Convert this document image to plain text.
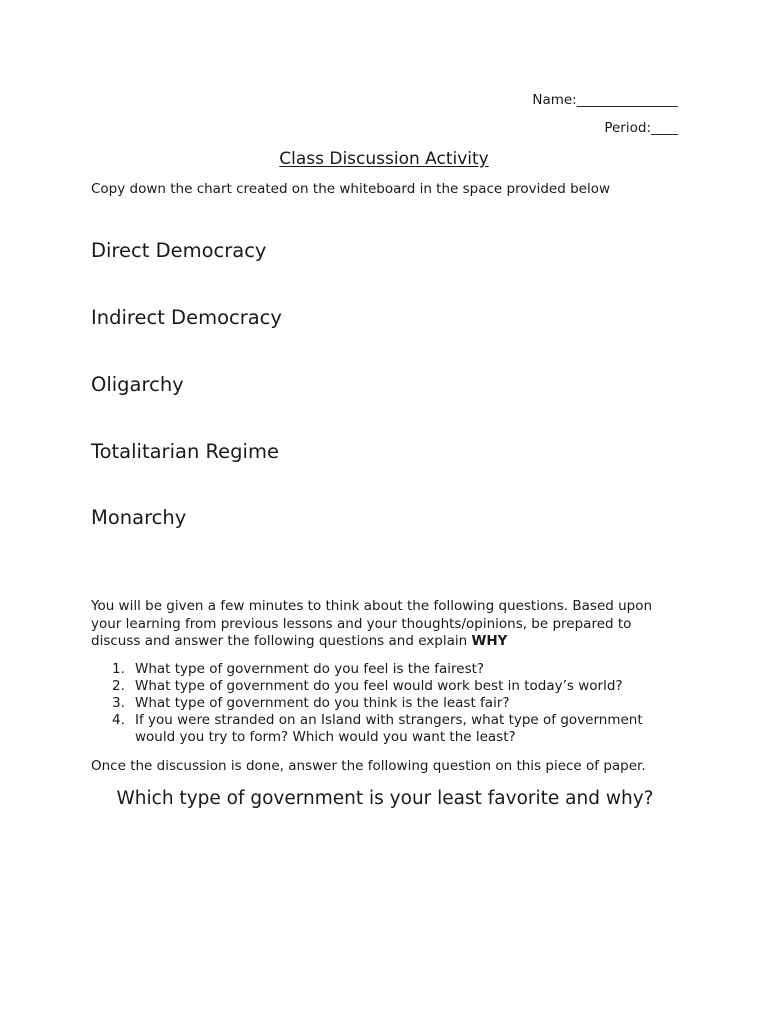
Name:_______________
Period:____
Class Discussion Activity
Copy down the chart created on the whiteboard in the space provided below
Direct Democracy
Indirect Democracy
Oligarchy
Totalitarian Regime
Monarchy
You will be given a few minutes to think about the following questions. Based upon your learning from previous lessons and your thoughts/opinions, be prepared to discuss and answer the following questions and explain WHY
1. What type of government do you feel is the fairest?
2. What type of government do you feel would work best in today’s world?
3. What type of government do you think is the least fair?
4. If you were stranded on an Island with strangers, what type of government would you try to form? Which would you want the least?
Once the discussion is done, answer the following question on this piece of paper.
Which type of government is your least favorite and why?
